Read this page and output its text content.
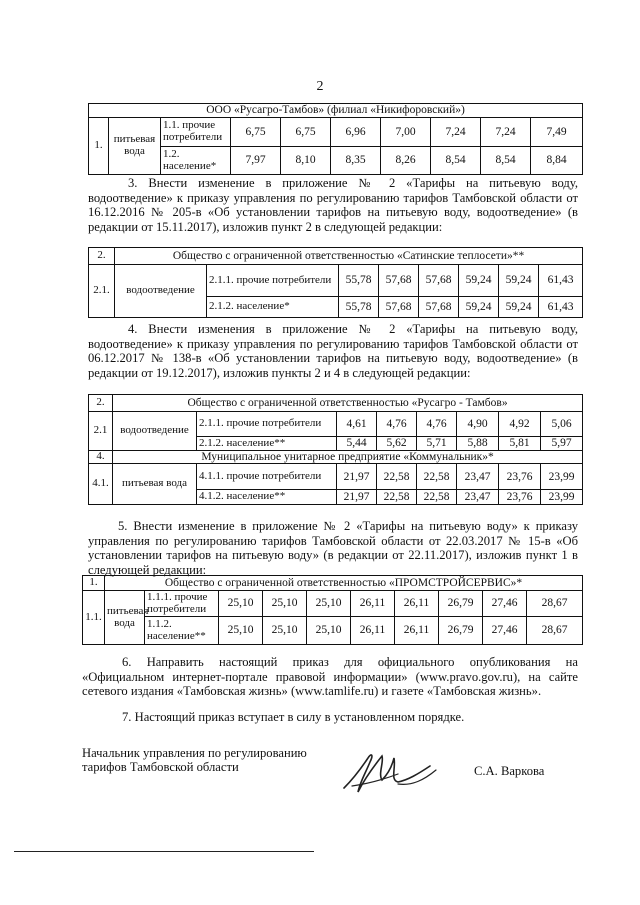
2
ООО «Русагро-Тамбов» (филиал «Никифоровский»)									
1.	питьевая вода	1.1. прочие потребители	6,75	6,75	6,96	7,00	7,24	7,24	7,49
		1.2. население*	7,97	8,10	8,35	8,26	8,54	8,54	8,84
3. Внести изменение в приложение № 2 «Тарифы на питьевую воду, водоотведение» к приказу управления по регулированию тарифов Тамбовской области от 16.12.2016 № 205-в «Об установлении тарифов на питьевую воду, водоотведение» (в редакции от 15.11.2017), изложив пункт 2 в следующей редакции:
2.	Общество с ограниченной ответственностью «Сатинские теплосети»**							
2.1.	водоотведение	2.1.1. прочие потребители	55,78	57,68	57,68	59,24	59,24	61,43
		2.1.2. население*	55,78	57,68	57,68	59,24	59,24	61,43
4. Внести изменения в приложение № 2 «Тарифы на питьевую воду, водоотведение» к приказу управления по регулированию тарифов Тамбовской области от 06.12.2017 № 138-в «Об установлении тарифов на питьевую воду, водоотведение» (в редакции от 19.12.2017), изложив пункты 2 и 4 в следующей редакции:
2.	Общество с ограниченной ответственностью «Русагро - Тамбов»							
2.1	водоотведение	2.1.1. прочие потребители	4,61	4,76	4,76	4,90	4,92	5,06
		2.1.2. население**	5,44	5,62	5,71	5,88	5,81	5,97
4.	Муниципальное унитарное предприятие «Коммунальник»*							
4.1.	питьевая вода	4.1.1. прочие потребители	21,97	22,58	22,58	23,47	23,76	23,99
		4.1.2. население**	21,97	22,58	22,58	23,47	23,76	23,99
5. Внести изменение в приложение № 2 «Тарифы на питьевую воду» к приказу управления по регулированию тарифов Тамбовской области от 22.03.2017 № 15-в «Об установлении тарифов на питьевую воду» (в редакции от 22.11.2017), изложив пункт 1 в следующей редакции:
1.	Общество с ограниченной ответственностью «ПРОМСТРОЙСЕРВИС»*									
1.1.	питьевая вода	1.1.1. прочие потребители	25,10	25,10	25,10	26,11	26,11	26,79	27,46	28,67
		1.1.2. население**	25,10	25,10	25,10	26,11	26,11	26,79	27,46	28,67
6. Направить настоящий приказ для официального опубликования на «Официальном интернет-портале правовой информации» (www.pravo.gov.ru), на сайте сетевого издания «Тамбовская жизнь» (www.tamlife.ru) и газете «Тамбовская жизнь».
7. Настоящий приказ вступает в силу в установленном порядке.
Начальник управления по регулированию
тарифов Тамбовской области	С.А. Варкова
